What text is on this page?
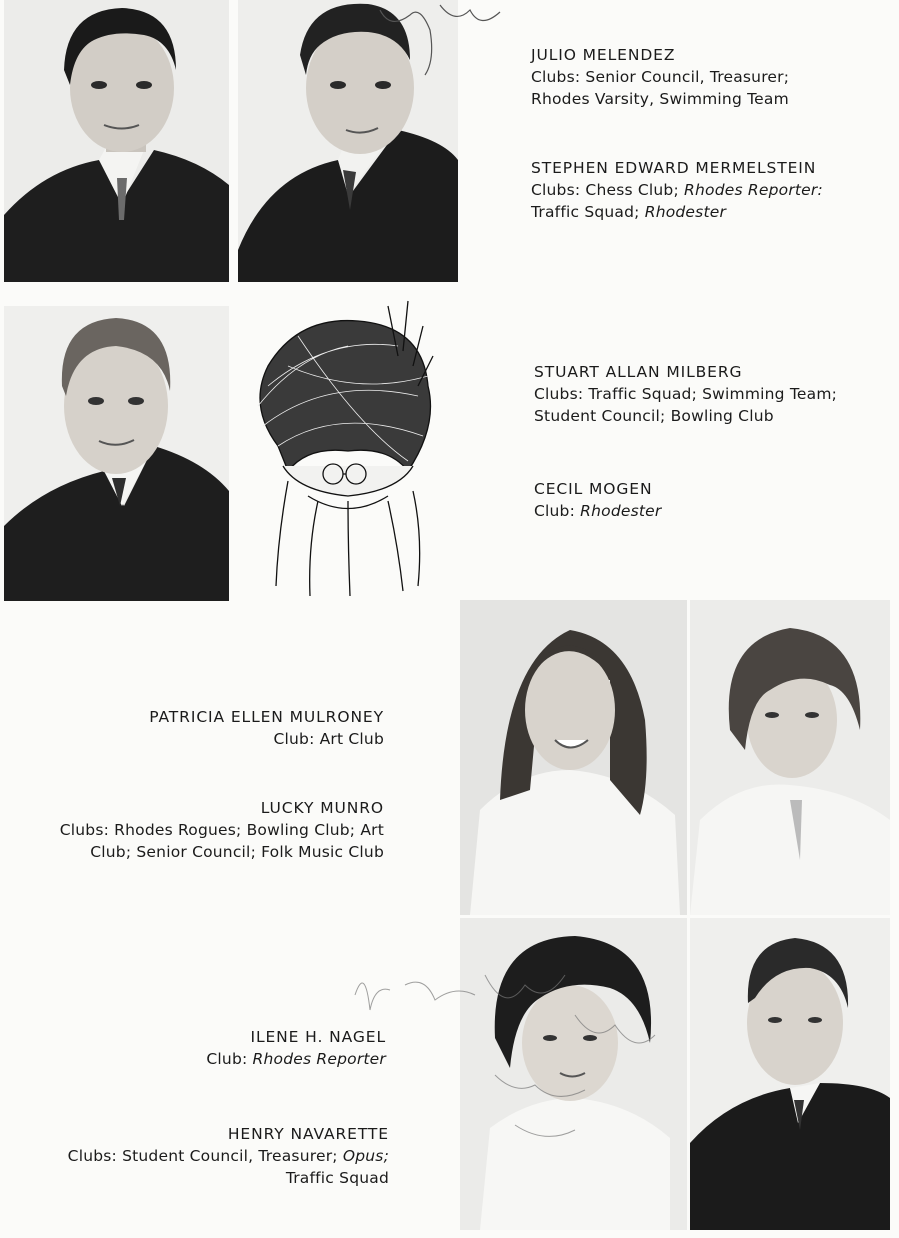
JULIO MELENDEZ
Clubs: Senior Council, Treasurer;
Rhodes Varsity, Swimming Team
STEPHEN EDWARD MERMELSTEIN
Clubs: Chess Club; Rhodes Reporter:
Traffic Squad; Rhodester
STUART ALLAN MILBERG
Clubs: Traffic Squad; Swimming Team;
Student Council; Bowling Club
CECIL MOGEN
Club: Rhodester
PATRICIA ELLEN MULRONEY
Club: Art Club
LUCKY MUNRO
Clubs: Rhodes Rogues; Bowling Club; Art
Club; Senior Council; Folk Music Club
ILENE H. NAGEL
Club: Rhodes Reporter
HENRY NAVARETTE
Clubs: Student Council, Treasurer; Opus;
Traffic Squad
